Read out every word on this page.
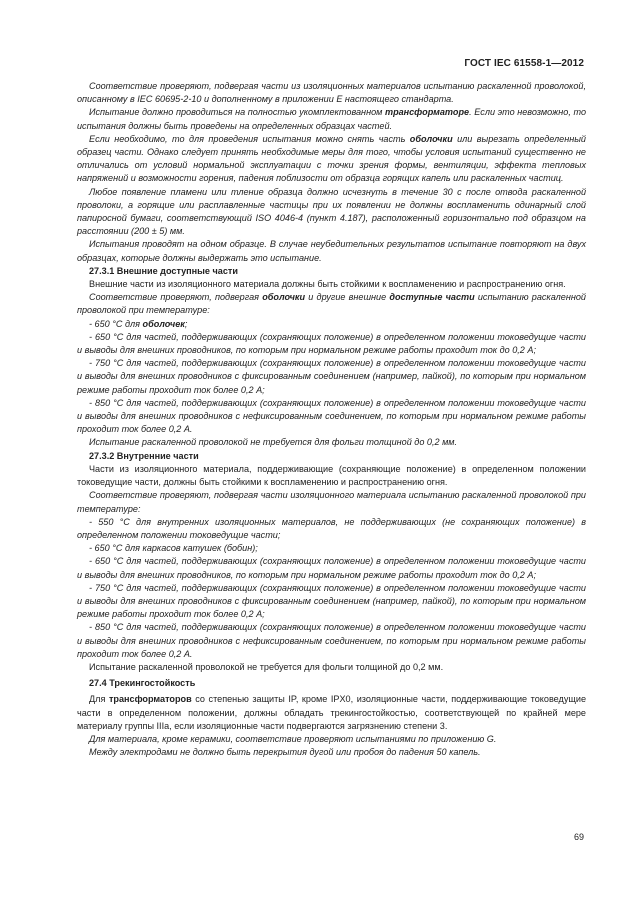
ГОСТ IEC 61558-1—2012

Соответствие проверяют, подвергая части из изоляционных материалов испытанию раскаленной проволокой, описанному в IEC 60695-2-10 и дополненному в приложении Е настоящего стандарта.

Испытание должно проводиться на полностью укомплектованном трансформаторе. Если это невозможно, то испытания должны быть проведены на определенных образцах частей.

Если необходимо, то для проведения испытания можно снять часть оболочки или вырезать определенный образец части. Однако следует принять необходимые меры для того, чтобы условия испытаний существенно не отличались от условий нормальной эксплуатации с точки зрения формы, вентиляции, эффекта тепловых напряжений и возможности горения, падения поблизости от образца горящих капель или раскаленных частиц.

Любое появление пламени или тление образца должно исчезнуть в течение 30 с после отвода раскаленной проволоки, а горящие или расплавленные частицы при их появлении не должны воспламенить одинарный слой папиросной бумаги, соответствующий ISO 4046-4 (пункт 4.187), расположенный горизонтально под образцом на расстоянии (200 ± 5) мм.

Испытания проводят на одном образце. В случае неубедительных результатов испытание повторяют на двух образцах, которые должны выдержать это испытание.

27.3.1 Внешние доступные части

Внешние части из изоляционного материала должны быть стойкими к воспламенению и распространению огня.

Соответствие проверяют, подвергая оболочки и другие внешние доступные части испытанию раскаленной проволокой при температуре:

- 650 °С для оболочек;

- 650 °С для частей, поддерживающих (сохраняющих положение) в определенном положении токоведущие части и выводы для внешних проводников, по которым при нормальном режиме работы проходит ток до 0,2 А;

- 750 °С для частей, поддерживающих (сохраняющих положение) в определенном положении токоведущие части и выводы для внешних проводников с фиксированным соединением (например, пайкой), по которым при нормальном режиме работы проходит ток более 0,2 А;

- 850 °С для частей, поддерживающих (сохраняющих положение) в определенном положении токоведущие части и выводы для внешних проводников с нефиксированным соединением, по которым при нормальном режиме работы проходит ток более 0,2 А.

Испытание раскаленной проволокой не требуется для фольги толщиной до 0,2 мм.

27.3.2 Внутренние части

Части из изоляционного материала, поддерживающие (сохраняющие положение) в определенном положении токоведущие части, должны быть стойкими к воспламенению и распространению огня.

Соответствие проверяют, подвергая части изоляционного материала испытанию раскаленной проволокой при температуре:

- 550 °С для внутренних изоляционных материалов, не поддерживающих (не сохраняющих положение) в определенном положении токоведущие части;

- 650 °С для каркасов катушек (бобин);

- 650 °С для частей, поддерживающих (сохраняющих положение) в определенном положении токоведущие части и выводы для внешних проводников, по которым при нормальном режиме работы проходит ток до 0,2 А;

- 750 °С для частей, поддерживающих (сохраняющих положение) в определенном положении токоведущие части и выводы для внешних проводников с фиксированным соединением (например, пайкой), по которым при нормальном режиме работы проходит ток более 0,2 А;

- 850 °С для частей, поддерживающих (сохраняющих положение) в определенном положении токоведущие части и выводы для внешних проводников с нефиксированным соединением, по которым при нормальном режиме работы проходит ток более 0,2 А.

Испытание раскаленной проволокой не требуется для фольги толщиной до 0,2 мм.

27.4 Трекингостойкость

Для трансформаторов со степенью защиты IP, кроме IPX0, изоляционные части, поддерживающие токоведущие части в определенном положении, должны обладать трекингостойкостью, соответствующей по крайней мере материалу группы IIIa, если изоляционные части подвергаются загрязнению степени 3.

Для материала, кроме керамики, соответствие проверяют испытаниями по приложению G.

Между электродами не должно быть перекрытия дугой или пробоя до падения 50 капель.

69
